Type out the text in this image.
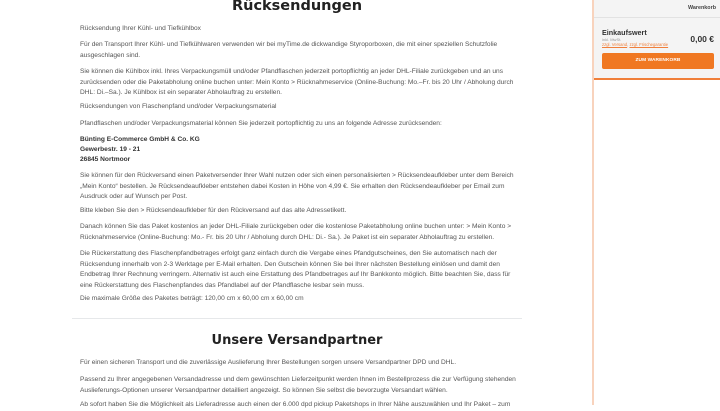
Rücksendungen

Rücksendung Ihrer Kühl- und Tiefkühlbox

Für den Transport Ihrer Kühl- und Tiefkühlwaren verwenden wir bei myTime.de dickwandige Styroporboxen, die mit einer speziellen Schutzfolie ausgeschlagen sind.

Sie können die Kühlbox inkl. Ihres Verpackungsmüll und/oder Pfandflaschen jederzeit portopflichtig an jeder DHL-Filiale zurückgeben und an uns zurücksenden oder die Paketabholung online buchen unter: Mein Konto > Rücknahmeservice (Online-Buchung: Mo.–Fr. bis 20 Uhr / Abholung durch DHL: Di.–Sa.). Je Kühlbox ist ein separater Abholauftrag zu erstellen.

Rücksendungen von Flaschenpfand und/oder Verpackungsmaterial

Pfandflaschen und/oder Verpackungsmaterial können Sie jederzeit portopflichtig zu uns an folgende Adresse zurücksenden:

Bünting E-Commerce GmbH & Co. KG

Gewerbestr. 19 - 21

26845 Nortmoor

Sie können für den Rückversand einen Paketversender Ihrer Wahl nutzen oder sich einen personalisierten > Rücksendeaufkleber unter dem Bereich „Mein Konto“ bestellen. Je Rücksendeaufkleber entstehen dabei Kosten in Höhe von 4,99 €. Sie erhalten den Rücksendeaufkleber per Email zum Ausdruck oder auf Wunsch per Post.

Bitte kleben Sie den > Rücksendeaufkleber für den Rückversand auf das alte Adressetikett.

Danach können Sie das Paket kostenlos an jeder DHL-Filiale zurückgeben oder die kostenlose Paketabholung online buchen unter: > Mein Konto > Rücknahmeservice (Online-Buchung: Mo.- Fr. bis 20 Uhr / Abholung durch DHL: Di.- Sa.). Je Paket ist ein separater Abholauftrag zu erstellen.

Die Rückerstattung des Flaschenpfandbetrages erfolgt ganz einfach durch die Vergabe eines Pfandgutscheines, den Sie automatisch nach der Rücksendung innerhalb von 2-3 Werktage per E-Mail erhalten. Den Gutschein können Sie bei Ihrer nächsten Bestellung einlösen und damit den Endbetrag Ihrer Rechnung verringern. Alternativ ist auch eine Erstattung des Pfandbetrages auf Ihr Bankkonto möglich. Bitte beachten Sie, dass für eine Rückerstattung des Flaschenpfandes das Pfandlabel auf der Pfandflasche lesbar sein muss.

Die maximale Größe des Paketes beträgt: 120,00 cm x 60,00 cm x 60,00 cm

Unsere Versandpartner

Für einen sicheren Transport und die zuverlässige Auslieferung Ihrer Bestellungen sorgen unsere Versandpartner DPD und DHL.

Passend zu Ihrer angegebenen Versandadresse und dem gewünschten Lieferzeitpunkt werden Ihnen im Bestellprozess die zur Verfügung stehenden Auslieferungs-Optionen unserer Versandpartner detailliert angezeigt. So können Sie selbst die bevorzugte Versandart wählen.

Ab sofort haben Sie die Möglichkeit als Lieferadresse auch einen der 6.000 dpd pickup Paketshops in Ihrer Nähe auszuwählen und Ihr Paket – zum

Warenkorb
Einkaufswert
inkl. MwSt.
zzgl. Versand, zzgl. Frischegarantie
0,00 €
ZUM WARENKORB
